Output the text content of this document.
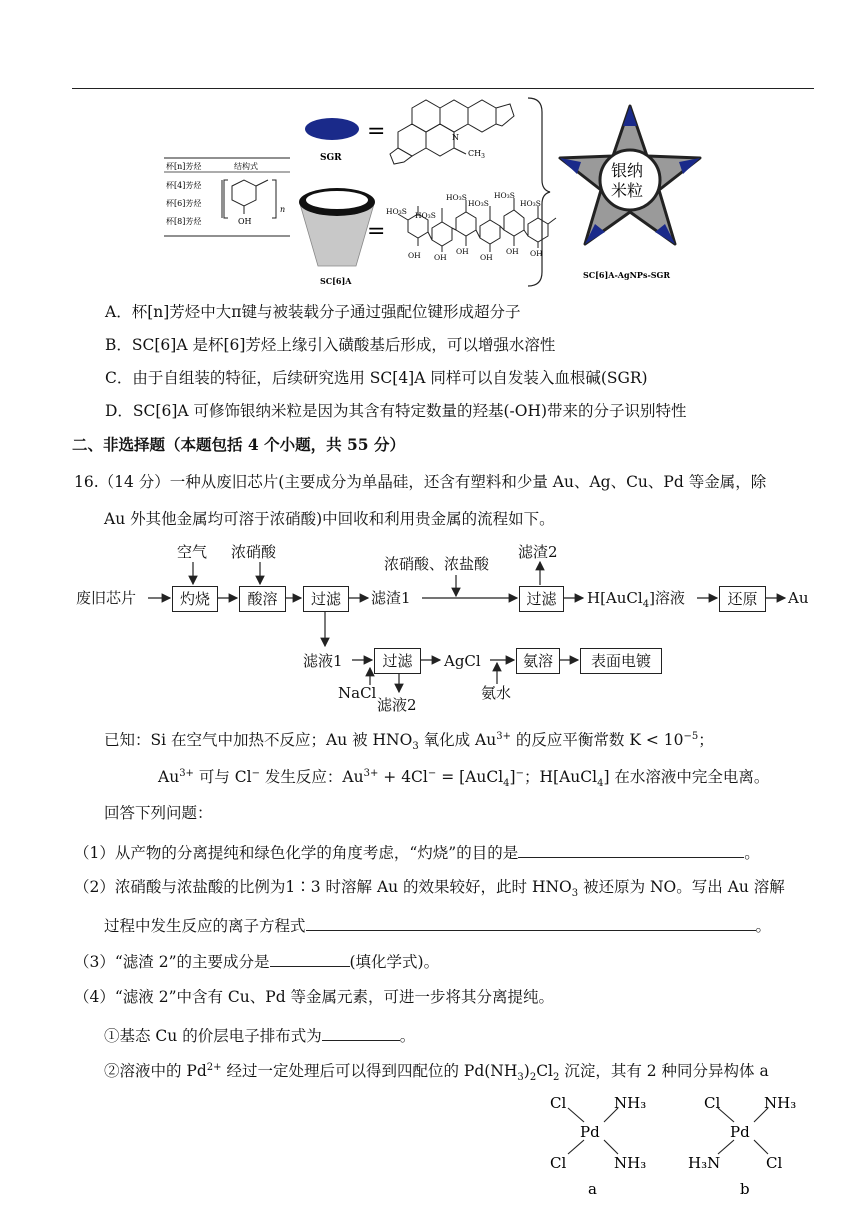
SGR
=	N
$CH_3$
杯[n]芳烃	结构式
杯[4]芳烃
杯[6]芳烃
杯[8]芳烃	OH
n
SC[6]A
=
HO₃S HO₃S
HO₃S
HO₃S
HO₃S
HO₃S
OH OH
OH
OH
OH OH
银纳
米粒
SC[6]A-AgNPs-SGR
A．杯[n]芳烃中大π键与被装载分子通过强配位键形成超分子
B．SC[6]A 是杯[6]芳烃上缘引入磺酸基后形成，可以增强水溶性
C．由于自组装的特征，后续研究选用 SC[4]A 同样可以自发装入血根碱(SGR)
D．SC[6]A 可修饰银纳米粒是因为其含有特定数量的羟基(-OH)带来的分子识别特性
二、非选择题（本题包括 4 个小题，共 55 分）
16.（14 分）一种从废旧芯片(主要成分为单晶硅，还含有塑料和少量 Au、Ag、Cu、Pd 等金属，除
Au 外其他金属均可溶于浓硝酸)中回收和利用贵金属的流程如下。
空气 浓硝酸
浓硝酸、浓盐酸
滤渣2
废旧芯片	灼烧	酸溶	过滤	滤渣1	过滤	H[AuCl$_4$]溶液	还原	Au
滤液1	过滤	AgCl	氨溶	表面电镀
NaCl
滤液2
氨水
已知：Si 在空气中加热不反应；Au 被 $HNO_3$ 氧化成 $Au^{3+}$ 的反应平衡常数 $K < 10^{-5}$；
$Au^{3+}$ 可与 Cl− 发生反应：$Au^{3+} + 4Cl^-$ = [AuCl$_4$]−；H[AuCl$_4$] 在水溶液中完全电离。
回答下列问题：
（1）从产物的分离提纯和绿色化学的角度考虑，“灼烧”的目的是	。
（2）浓硝酸与浓盐酸的比例为1∶3 时溶解 Au 的效果较好，此时 $HNO_3$ 被还原为 NO。写出 Au 溶解
过程中发生反应的离子方程式	。
（3）“滤渣 2”的主要成分是	(填化学式)。
（4）“滤液 2”中含有 Cu、Pd 等金属元素，可进一步将其分离提纯。
①基态 Cu 的价层电子排布式为	。
②溶液中的 $Pd^{2+}$ 经过一定处理后可以得到四配位的 $Pd(NH_3)_2Cl_2$ 沉淀，其有 2 种同分异构体 a
Cl	NH₃
Pd
Cl	NH₃
a
Cl	NH₃
Pd
H₃N	Cl
b
